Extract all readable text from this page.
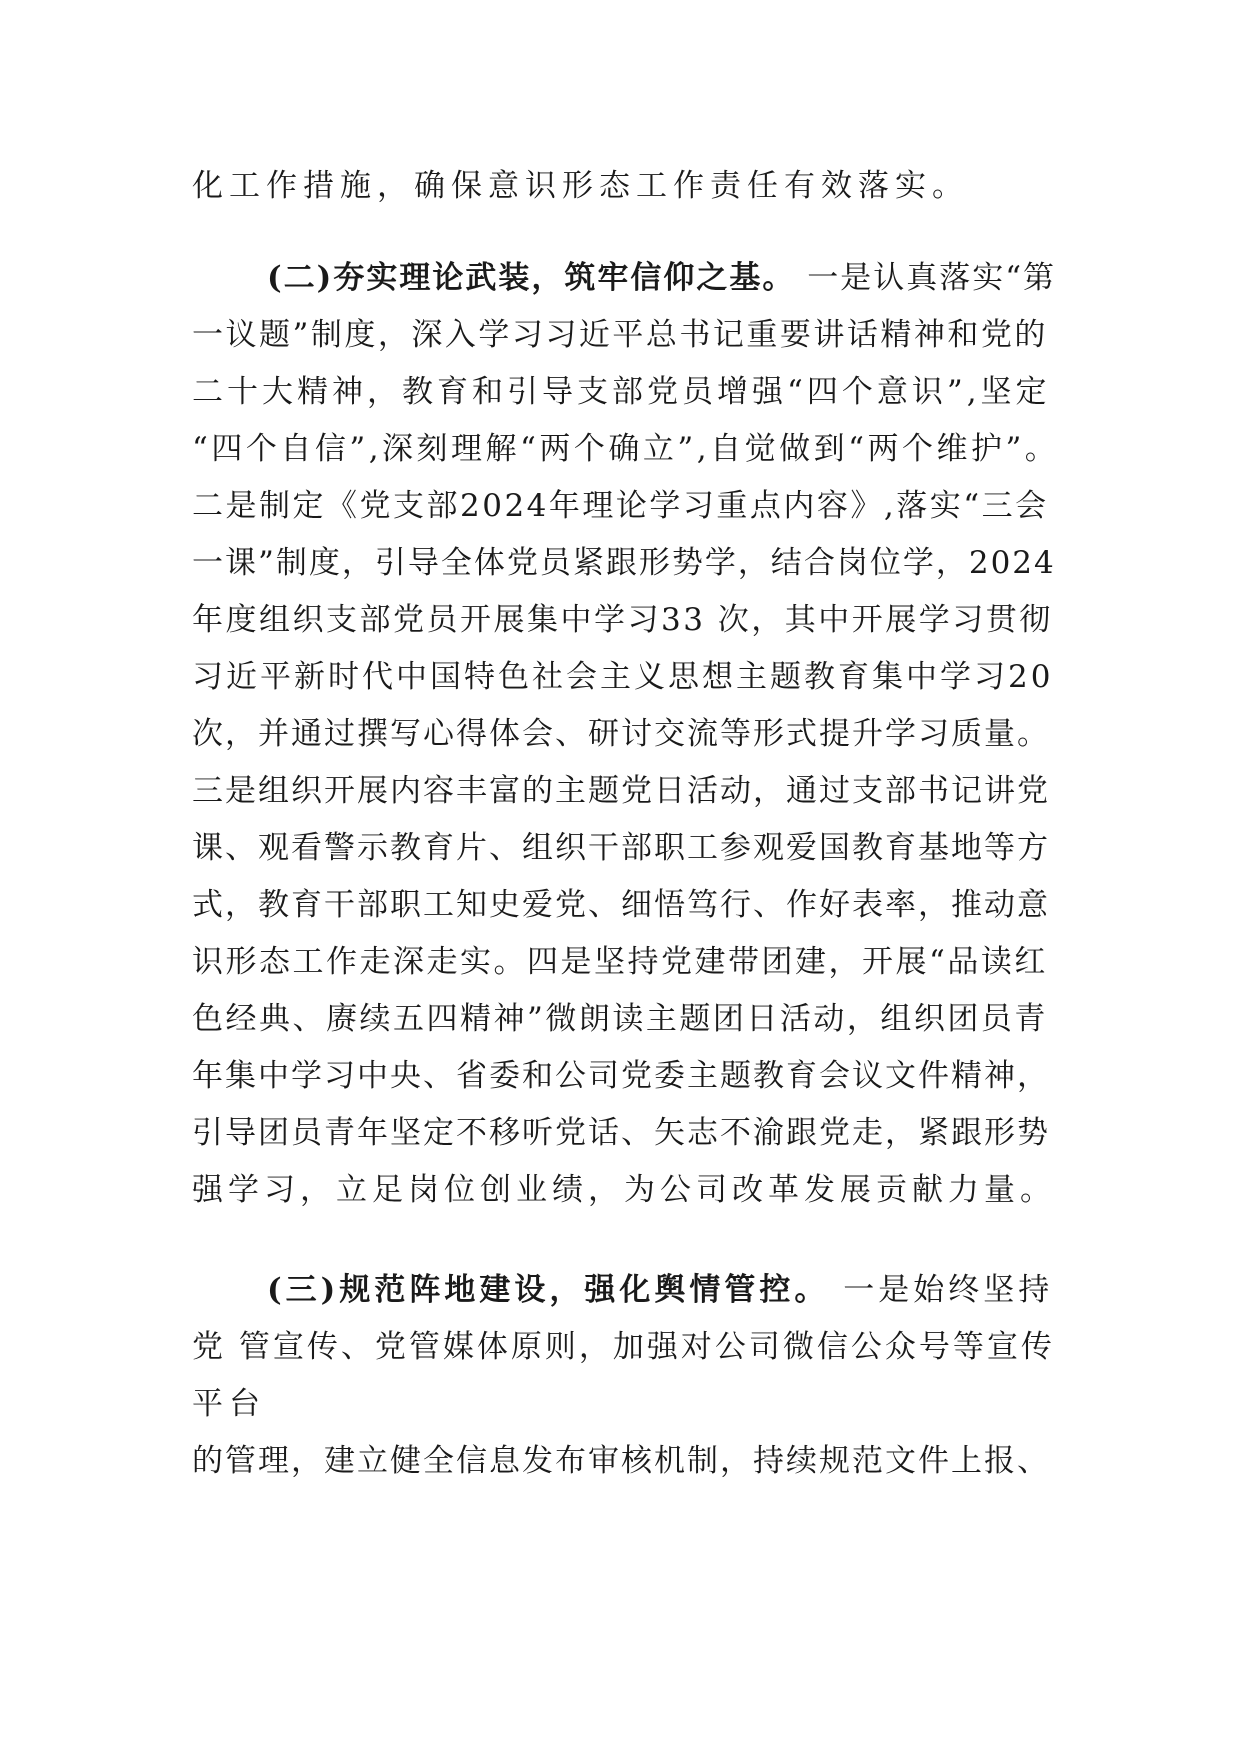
化工作措施，确保意识形态工作责任有效落实。
(二)夯实理论武装，筑牢信仰之基。 一是认真落实“第
一议题”制度，深入学习习近平总书记重要讲话精神和党的
二十大精神，教育和引导支部党员增强“四个意识”,坚定
“四个自信”,深刻理解“两个确立”,自觉做到“两个维护”。
二是制定《党支部2024年理论学习重点内容》,落实“三会
一课”制度，引导全体党员紧跟形势学，结合岗位学，2024
年度组织支部党员开展集中学习33 次，其中开展学习贯彻
习近平新时代中国特色社会主义思想主题教育集中学习20
次，并通过撰写心得体会、研讨交流等形式提升学习质量。
三是组织开展内容丰富的主题党日活动，通过支部书记讲党
课、观看警示教育片、组织干部职工参观爱国教育基地等方
式，教育干部职工知史爱党、细悟笃行、作好表率，推动意
识形态工作走深走实。四是坚持党建带团建，开展“品读红
色经典、赓续五四精神”微朗读主题团日活动，组织团员青
年集中学习中央、省委和公司党委主题教育会议文件精神，
引导团员青年坚定不移听党话、矢志不渝跟党走，紧跟形势
强学习，立足岗位创业绩，为公司改革发展贡献力量。
(三)规范阵地建设，强化舆情管控。 一是始终坚持
党 管宣传、党管媒体原则，加强对公司微信公众号等宣传
平台
的管理，建立健全信息发布审核机制，持续规范文件上报、
